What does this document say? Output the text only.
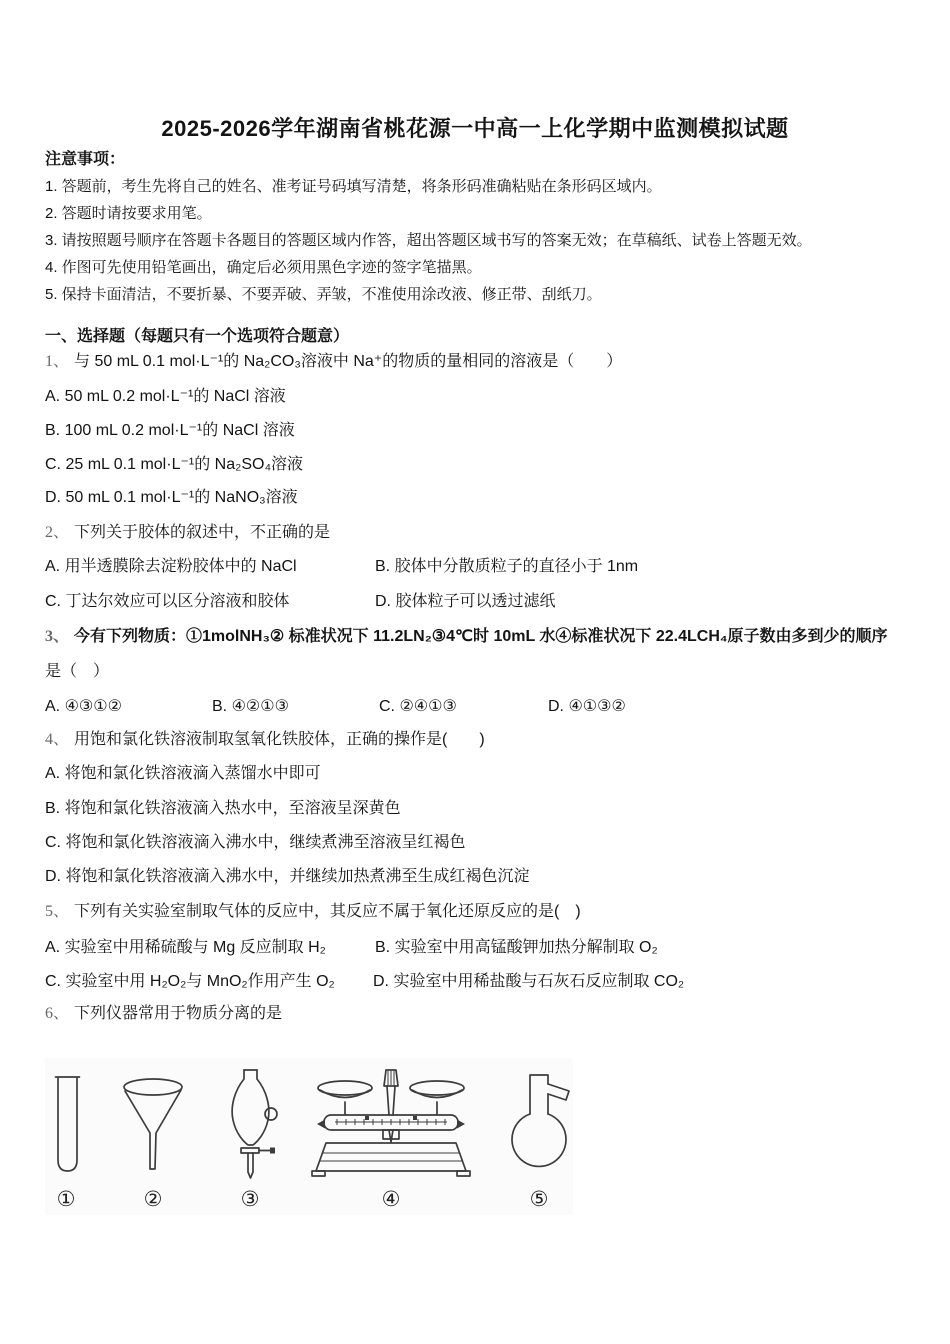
2025-2026学年湖南省桃花源一中高一上化学期中监测模拟试题
注意事项：
1. 答题前，考生先将自己的姓名、准考证号码填写清楚，将条形码准确粘贴在条形码区域内。
2. 答题时请按要求用笔。
3. 请按照题号顺序在答题卡各题目的答题区域内作答，超出答题区域书写的答案无效；在草稿纸、试卷上答题无效。
4. 作图可先使用铅笔画出，确定后必须用黑色字迹的签字笔描黑。
5. 保持卡面清洁，不要折暴、不要弄破、弄皱，不准使用涂改液、修正带、刮纸刀。
一、选择题（每题只有一个选项符合题意）
1、 与 50 mL 0.1 mol·L⁻¹的 Na₂CO₃溶液中 Na⁺的物质的量相同的溶液是（　　）
A. 50 mL 0.2 mol·L⁻¹的 NaCl 溶液
B. 100 mL 0.2 mol·L⁻¹的 NaCl 溶液
C. 25 mL 0.1 mol·L⁻¹的 Na₂SO₄溶液
D. 50 mL 0.1 mol·L⁻¹的 NaNO₃溶液
2、 下列关于胶体的叙述中，不正确的是
A. 用半透膜除去淀粉胶体中的 NaCl	B. 胶体中分散质粒子的直径小于 1nm
C. 丁达尔效应可以区分溶液和胶体	D. 胶体粒子可以透过滤纸
3、 今有下列物质：①1molNH₃② 标准状况下 11.2LN₂③4℃时 10mL 水④标准状况下 22.4LCH₄原子数由多到少的顺序
是（　）
A. ④③①②	B. ④②①③	C. ②④①③	D. ④①③②
4、 用饱和氯化铁溶液制取氢氧化铁胶体，正确的操作是(　　)
A. 将饱和氯化铁溶液滴入蒸馏水中即可
B. 将饱和氯化铁溶液滴入热水中，至溶液呈深黄色
C. 将饱和氯化铁溶液滴入沸水中，继续煮沸至溶液呈红褐色
D. 将饱和氯化铁溶液滴入沸水中，并继续加热煮沸至生成红褐色沉淀
5、 下列有关实验室制取气体的反应中，其反应不属于氧化还原反应的是(　)
A. 实验室中用稀硫酸与 Mg 反应制取 H₂	B. 实验室中用高锰酸钾加热分解制取 O₂
C. 实验室中用 H₂O₂与 MnO₂作用产生 O₂ D. 实验室中用稀盐酸与石灰石反应制取 CO₂
6、 下列仪器常用于物质分离的是
①	②	③	④	⑤
